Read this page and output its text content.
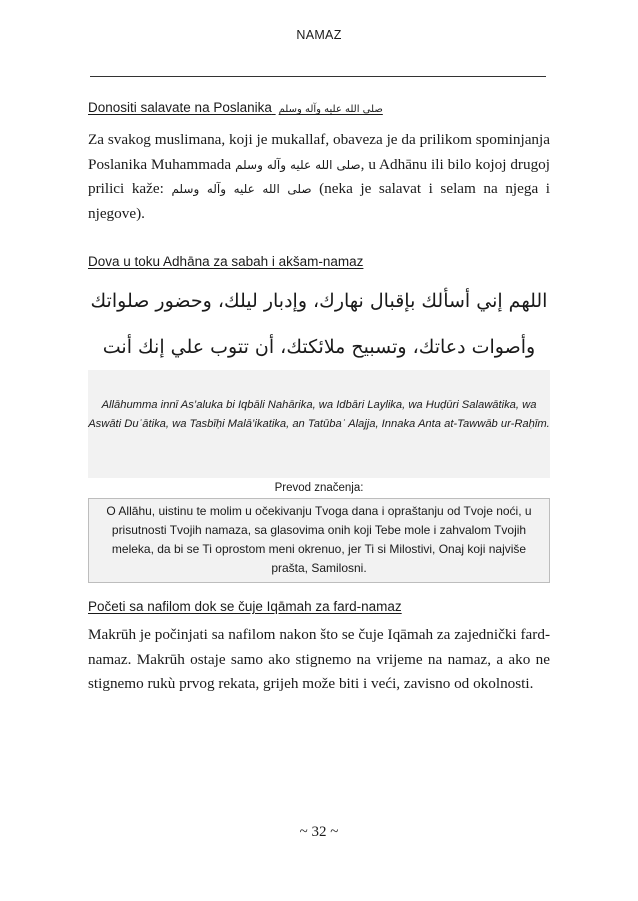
NAMAZ
Donositi salavate na Poslanika صلى الله عليه وآله وسلم
Za svakog muslimana, koji je mukallaf, obaveza je da prilikom spominjanja Poslanika Muhammada صلى الله عليه وآله وسلم, u Adhānu ili bilo kojoj drugoj prilici kaže: صلى الله عليه وآله وسلم (neka je salavat i selam na njega i njegove).
Dova u toku Adhāna za sabah i akšam-namaz
اللهم إني أسألك بإقبال نهارك، وإدبار ليلك، وحضور صلواتك وأصوات دعاتك، وتسبيح ملائكتك، أن تتوب علي إنك أنت
Allāhumma innī As’aluka bi Iqbāli Nahārika, wa Idbāri Laylika, wa Huḍūri Salawātika, wa Aswāti Duʿātika, wa Tasbīḥi Malā’ikatika, an Tatūbaʿ Alajja, Innaka Anta at-Tawwāb ur-Raḥīm.
Prevod značenja:
O Allāhu, uistinu te molim u očekivanju Tvoga dana i opraštanju od Tvoje noći, u prisutnosti Tvojih namaza, sa glasovima onih koji Tebe mole i zahvalom Tvojih meleka, da bi se Ti oprostom meni okrenuo, jer Ti si Milostivi, Onaj koji najviše prašta, Samilosni.
Početi sa nafilom dok se čuje Iqāmah za fard-namaz
Makrūh je počinjati sa nafilom nakon što se čuje Iqāmah za zajednički fard-namaz. Makrūh ostaje samo ako stignemo na vrijeme na namaz, a ako ne stignemo rukù prvog rekata, grijeh može biti i veći, zavisno od okolnosti.
~ 32 ~
